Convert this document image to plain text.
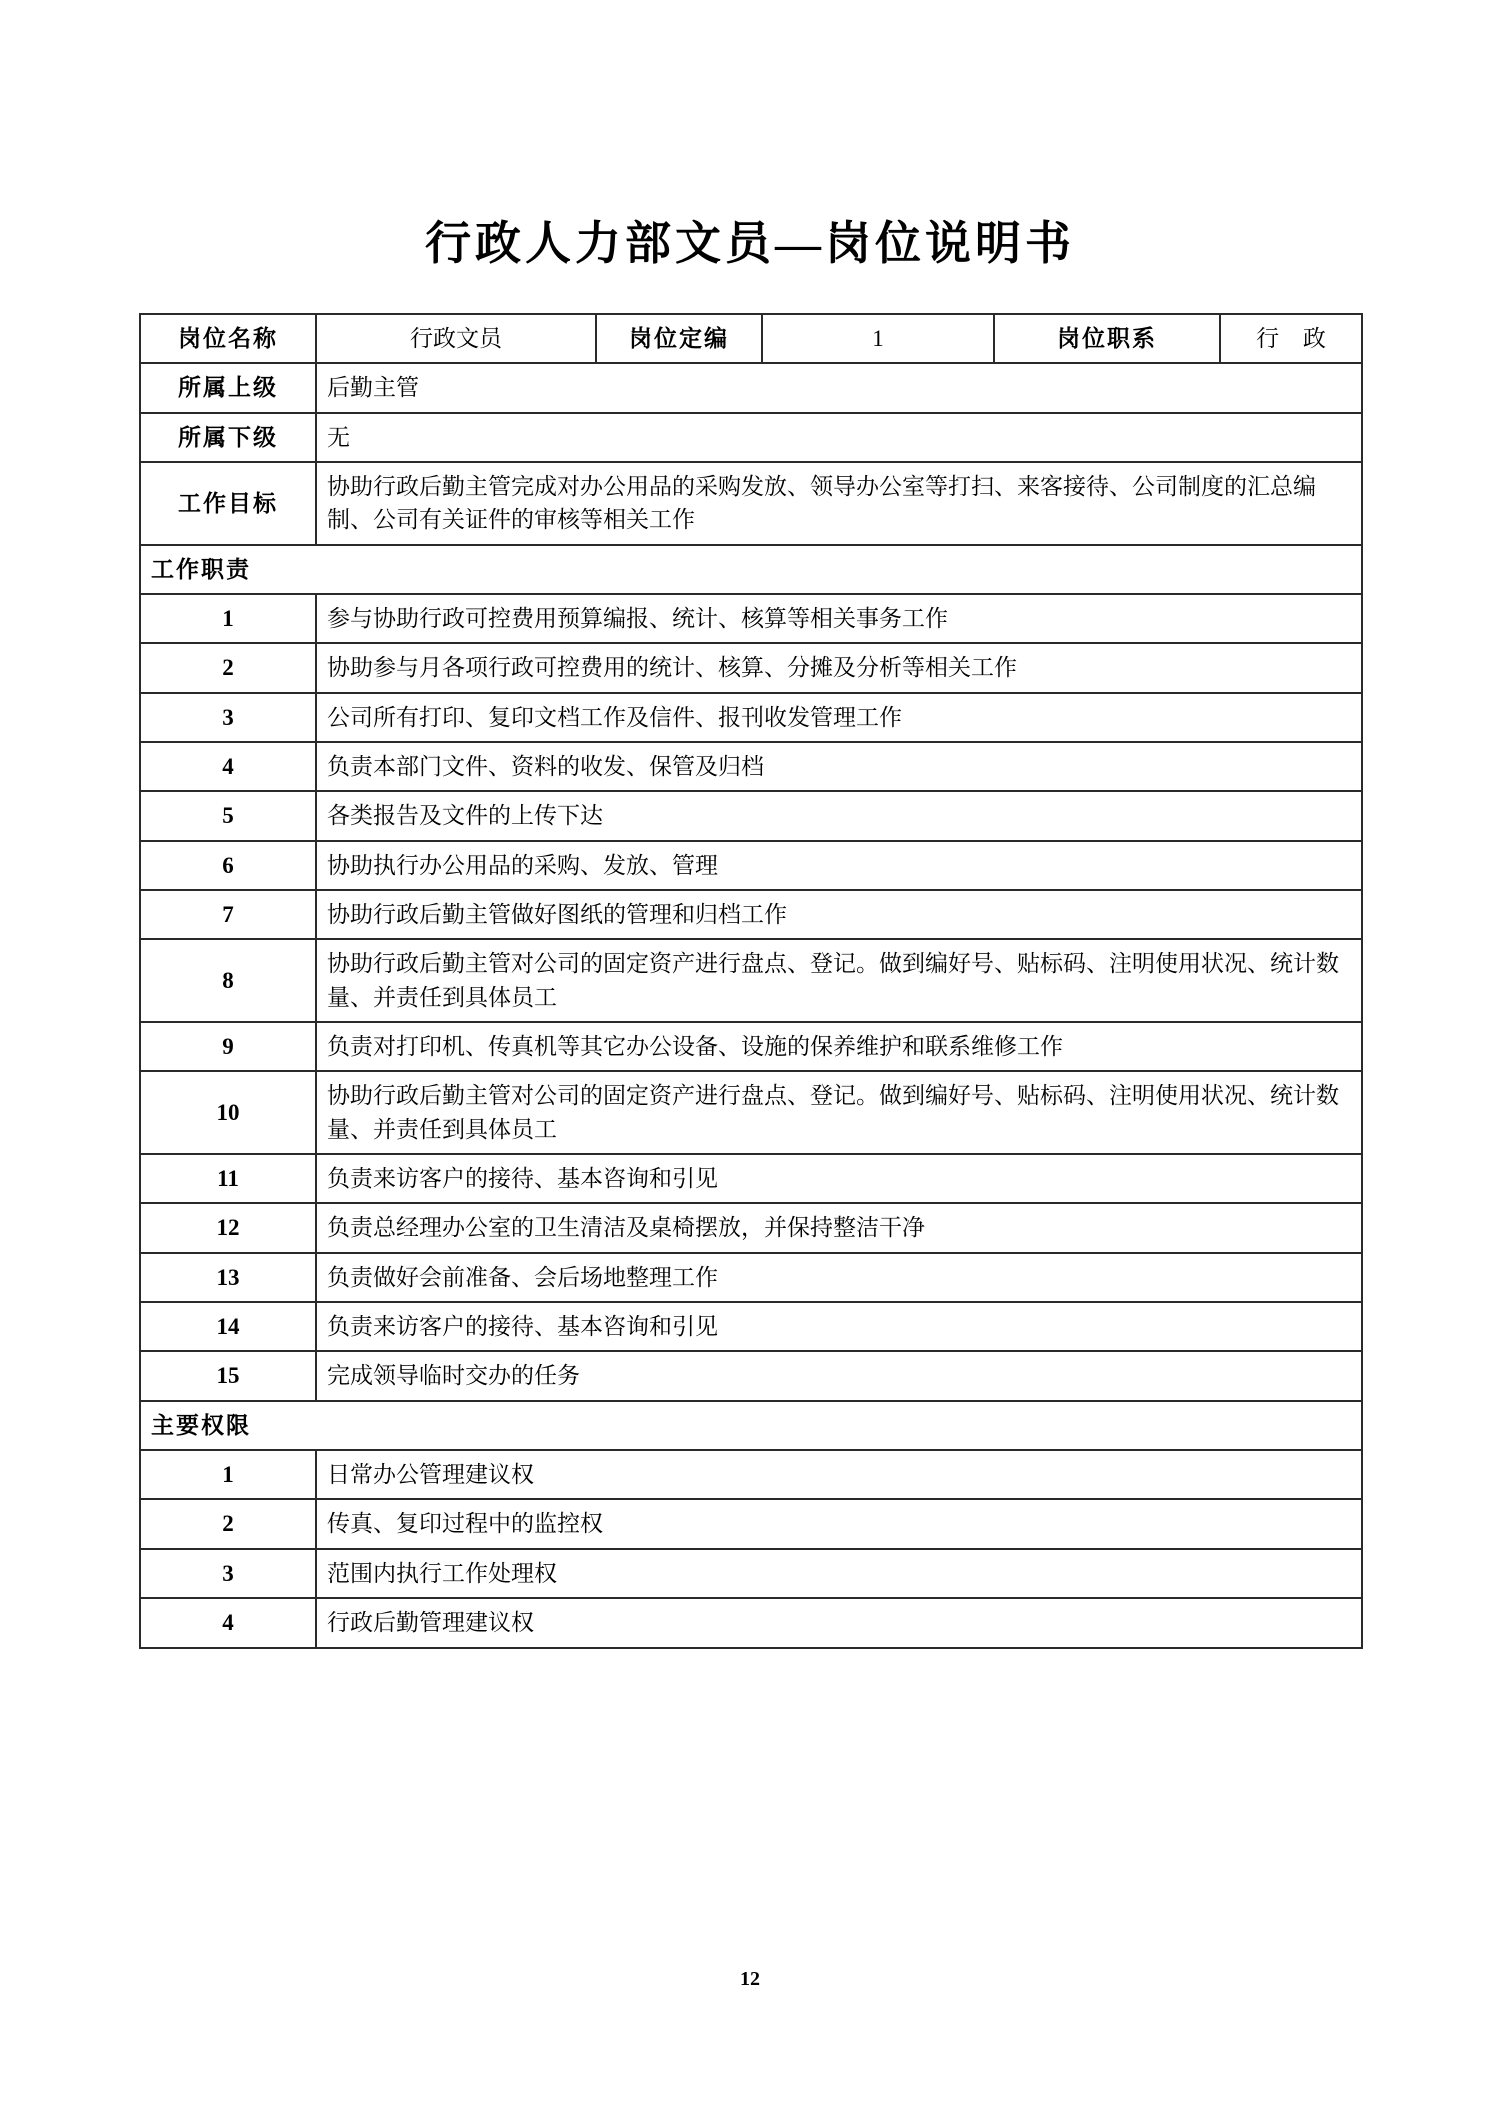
行政人力部文员—岗位说明书
岗位名称	行政文员	岗位定编	1	岗位职系	行 政
所属上级	后勤主管				
所属下级	无				
工作目标	协助行政后勤主管完成对办公用品的采购发放、领导办公室等打扫、来客接待、公司制度的汇总编制、公司有关证件的审核等相关工作				
工作职责					
1	参与协助行政可控费用预算编报、统计、核算等相关事务工作				
2	协助参与月各项行政可控费用的统计、核算、分摊及分析等相关工作				
3	公司所有打印、复印文档工作及信件、报刊收发管理工作				
4	负责本部门文件、资料的收发、保管及归档				
5	各类报告及文件的上传下达				
6	协助执行办公用品的采购、发放、管理				
7	协助行政后勤主管做好图纸的管理和归档工作				
8	协助行政后勤主管对公司的固定资产进行盘点、登记。做到编好号、贴标码、注明使用状况、统计数量、并责任到具体员工				
9	负责对打印机、传真机等其它办公设备、设施的保养维护和联系维修工作				
10	协助行政后勤主管对公司的固定资产进行盘点、登记。做到编好号、贴标码、注明使用状况、统计数量、并责任到具体员工				
11	负责来访客户的接待、基本咨询和引见				
12	负责总经理办公室的卫生清洁及桌椅摆放，并保持整洁干净				
13	负责做好会前准备、会后场地整理工作				
14	负责来访客户的接待、基本咨询和引见				
15	完成领导临时交办的任务				
主要权限					
1	日常办公管理建议权				
2	传真、复印过程中的监控权				
3	范围内执行工作处理权				
4	行政后勤管理建议权				
12
